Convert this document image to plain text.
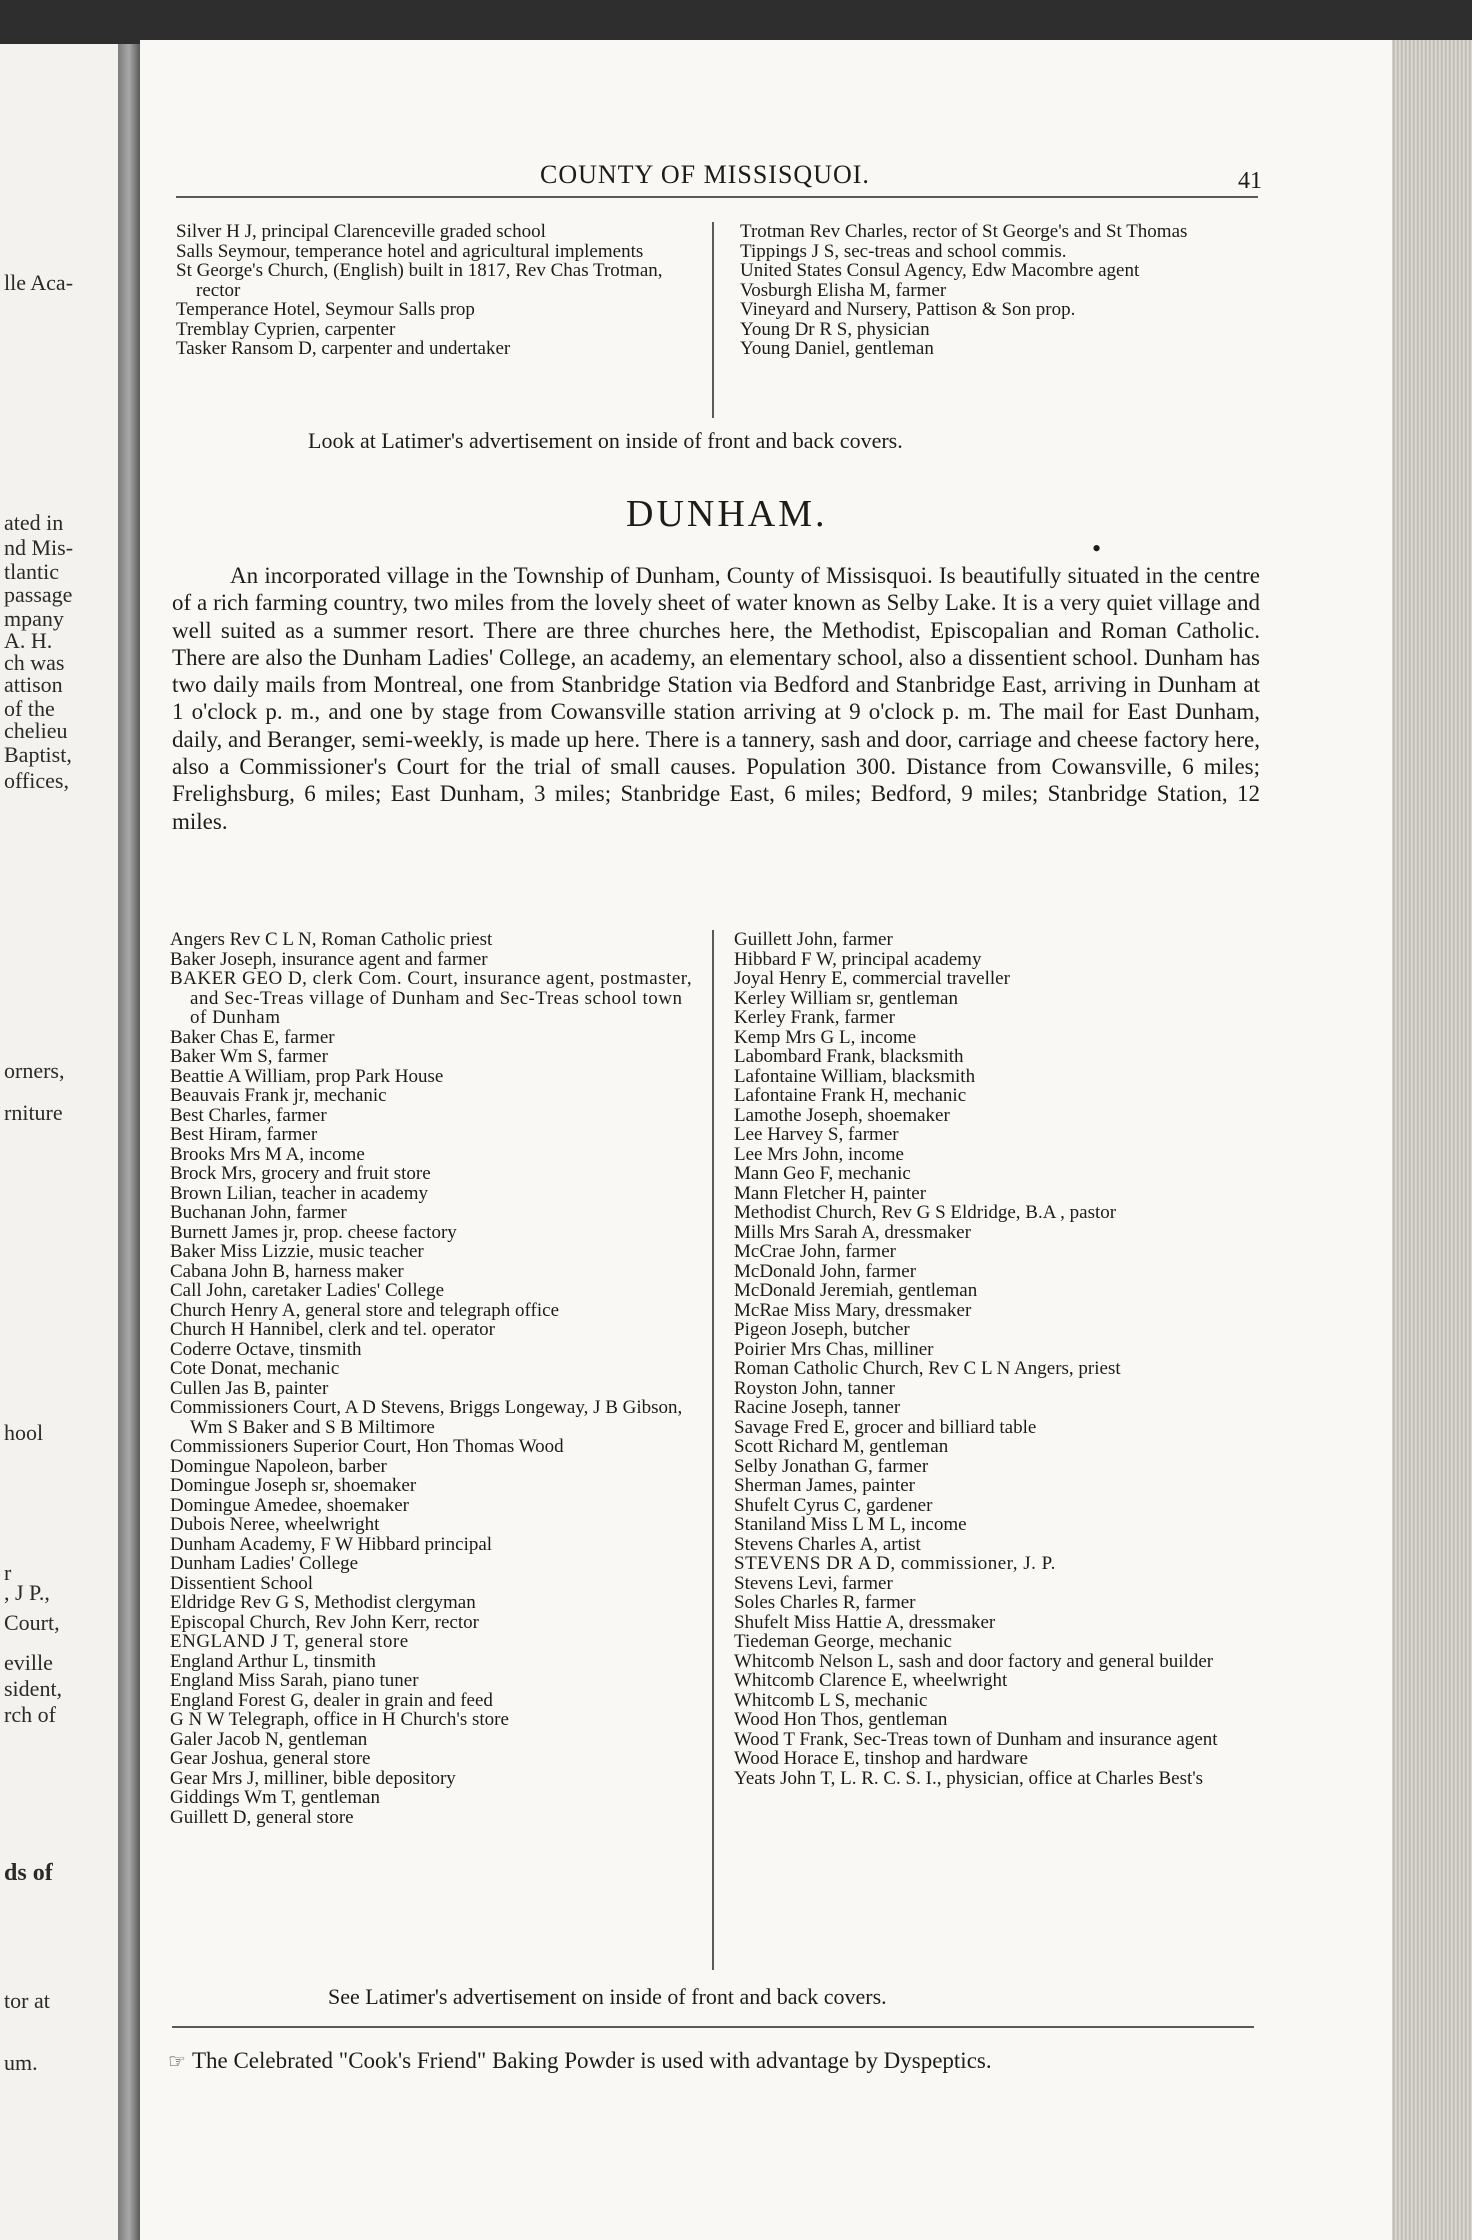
lle Aca-
ated in
nd Mis-
tlantic
passage
mpany
A. H.
ch was
attison
of the
chelieu
Baptist,
offices,
orners,
rniture
hool
r
, J P.,
Court,
eville
sident,
rch of
ds of
tor at
um.
COUNTY OF MISSISQUOI.	41
Silver H J, principal Clarenceville graded school
Salls Seymour, temperance hotel and agricultural implements
St George's Church, (English) built in 1817, Rev Chas Trotman, rector
Temperance Hotel, Seymour Salls prop
Tremblay Cyprien, carpenter
Tasker Ransom D, carpenter and undertaker
Trotman Rev Charles, rector of St George's and St Thomas
Tippings J S, sec-treas and school commis.
United States Consul Agency, Edw Macombre agent
Vosburgh Elisha M, farmer
Vineyard and Nursery, Pattison & Son prop.
Young Dr R S, physician
Young Daniel, gentleman
Look at Latimer's advertisement on inside of front and back covers.
DUNHAM.
•
An incorporated village in the Township of Dunham, County of Missisquoi. Is beautifully situated in the centre of a rich farming country, two miles from the lovely sheet of water known as Selby Lake. It is a very quiet village and well suited as a summer resort. There are three churches here, the Methodist, Episcopalian and Roman Catholic. There are also the Dunham Ladies' College, an academy, an elementary school, also a dissentient school. Dunham has two daily mails from Montreal, one from Stanbridge Station via Bedford and Stanbridge East, arriving in Dunham at 1 o'clock p. m., and one by stage from Cowansville station arriving at 9 o'clock p. m. The mail for East Dunham, daily, and Beranger, semi-weekly, is made up here. There is a tannery, sash and door, carriage and cheese factory here, also a Commissioner's Court for the trial of small causes. Population 300. Distance from Cowansville, 6 miles; Frelighsburg, 6 miles; East Dunham, 3 miles; Stanbridge East, 6 miles; Bedford, 9 miles; Stanbridge Station, 12 miles.
Angers Rev C L N, Roman Catholic priest
Baker Joseph, insurance agent and farmer
BAKER GEO D, clerk Com. Court, insurance agent, postmaster, and Sec-Treas village of Dunham and Sec-Treas school town of Dunham
Baker Chas E, farmer
Baker Wm S, farmer
Beattie A William, prop Park House
Beauvais Frank jr, mechanic
Best Charles, farmer
Best Hiram, farmer
Brooks Mrs M A, income
Brock Mrs, grocery and fruit store
Brown Lilian, teacher in academy
Buchanan John, farmer
Burnett James jr, prop. cheese factory
Baker Miss Lizzie, music teacher
Cabana John B, harness maker
Call John, caretaker Ladies' College
Church Henry A, general store and telegraph office
Church H Hannibel, clerk and tel. operator
Coderre Octave, tinsmith
Cote Donat, mechanic
Cullen Jas B, painter
Commissioners Court, A D Stevens, Briggs Longeway, J B Gibson, Wm S Baker and S B Miltimore
Commissioners Superior Court, Hon Thomas Wood
Domingue Napoleon, barber
Domingue Joseph sr, shoemaker
Domingue Amedee, shoemaker
Dubois Neree, wheelwright
Dunham Academy, F W Hibbard principal
Dunham Ladies' College
Dissentient School
Eldridge Rev G S, Methodist clergyman
Episcopal Church, Rev John Kerr, rector
ENGLAND J T, general store
England Arthur L, tinsmith
England Miss Sarah, piano tuner
England Forest G, dealer in grain and feed
G N W Telegraph, office in H Church's store
Galer Jacob N, gentleman
Gear Joshua, general store
Gear Mrs J, milliner, bible depository
Giddings Wm T, gentleman
Guillett D, general store
Guillett John, farmer
Hibbard F W, principal academy
Joyal Henry E, commercial traveller
Kerley William sr, gentleman
Kerley Frank, farmer
Kemp Mrs G L, income
Labombard Frank, blacksmith
Lafontaine William, blacksmith
Lafontaine Frank H, mechanic
Lamothe Joseph, shoemaker
Lee Harvey S, farmer
Lee Mrs John, income
Mann Geo F, mechanic
Mann Fletcher H, painter
Methodist Church, Rev G S Eldridge, B.A , pastor
Mills Mrs Sarah A, dressmaker
McCrae John, farmer
McDonald John, farmer
McDonald Jeremiah, gentleman
McRae Miss Mary, dressmaker
Pigeon Joseph, butcher
Poirier Mrs Chas, milliner
Roman Catholic Church, Rev C L N Angers, priest
Royston John, tanner
Racine Joseph, tanner
Savage Fred E, grocer and billiard table
Scott Richard M, gentleman
Selby Jonathan G, farmer
Sherman James, painter
Shufelt Cyrus C, gardener
Staniland Miss L M L, income
Stevens Charles A, artist
STEVENS DR A D, commissioner, J. P.
Stevens Levi, farmer
Soles Charles R, farmer
Shufelt Miss Hattie A, dressmaker
Tiedeman George, mechanic
Whitcomb Nelson L, sash and door factory and general builder
Whitcomb Clarence E, wheelwright
Whitcomb L S, mechanic
Wood Hon Thos, gentleman
Wood T Frank, Sec-Treas town of Dunham and insurance agent
Wood Horace E, tinshop and hardware
Yeats John T, L. R. C. S. I., physician, office at Charles Best's
See Latimer's advertisement on inside of front and back covers.
☞ The Celebrated "Cook's Friend" Baking Powder is used with advantage by Dyspeptics.
